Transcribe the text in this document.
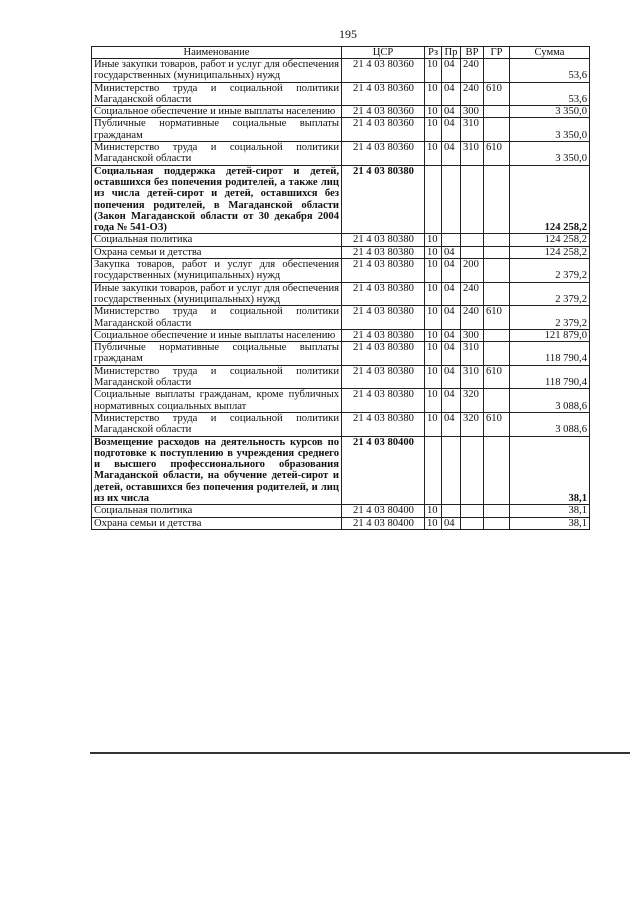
195
Наименование	ЦСР	Рз	Пр	ВР	ГР	Сумма
Иные закупки товаров, работ и услуг для обеспечения государственных (муниципальных) нужд	21 4 03 80360	10	04	240		53,6
Министерство труда и социальной политики Магаданской области	21 4 03 80360	10	04	240	610	53,6
Социальное обеспечение и иные выплаты населению	21 4 03 80360	10	04	300		3 350,0
Публичные нормативные социальные выплаты гражданам	21 4 03 80360	10	04	310		3 350,0
Министерство труда и социальной политики Магаданской области	21 4 03 80360	10	04	310	610	3 350,0
Социальная поддержка детей-сирот и детей, оставшихся без попечения родителей, а также лиц из числа детей-сирот и детей, оставшихся без попечения родителей, в Магаданской области (Закон Магаданской области от 30 декабря 2004 года № 541-ОЗ)	21 4 03 80380					124 258,2
Социальная политика	21 4 03 80380	10				124 258,2
Охрана семьи и детства	21 4 03 80380	10	04			124 258,2
Закупка товаров, работ и услуг для обеспечения государственных (муниципальных) нужд	21 4 03 80380	10	04	200		2 379,2
Иные закупки товаров, работ и услуг для обеспечения государственных (муниципальных) нужд	21 4 03 80380	10	04	240		2 379,2
Министерство труда и социальной политики Магаданской области	21 4 03 80380	10	04	240	610	2 379,2
Социальное обеспечение и иные выплаты населению	21 4 03 80380	10	04	300		121 879,0
Публичные нормативные социальные выплаты гражданам	21 4 03 80380	10	04	310		118 790,4
Министерство труда и социальной политики Магаданской области	21 4 03 80380	10	04	310	610	118 790,4
Социальные выплаты гражданам, кроме публичных нормативных социальных выплат	21 4 03 80380	10	04	320		3 088,6
Министерство труда и социальной политики Магаданской области	21 4 03 80380	10	04	320	610	3 088,6
Возмещение расходов на деятельность курсов по подготовке к поступлению в учреждения среднего и высшего профессионального образования Магаданской области, на обучение детей-сирот и детей, оставшихся без попечения родителей, и лиц из их числа	21 4 03 80400					38,1
Социальная политика	21 4 03 80400	10				38,1
Охрана семьи и детства	21 4 03 80400	10	04			38,1
